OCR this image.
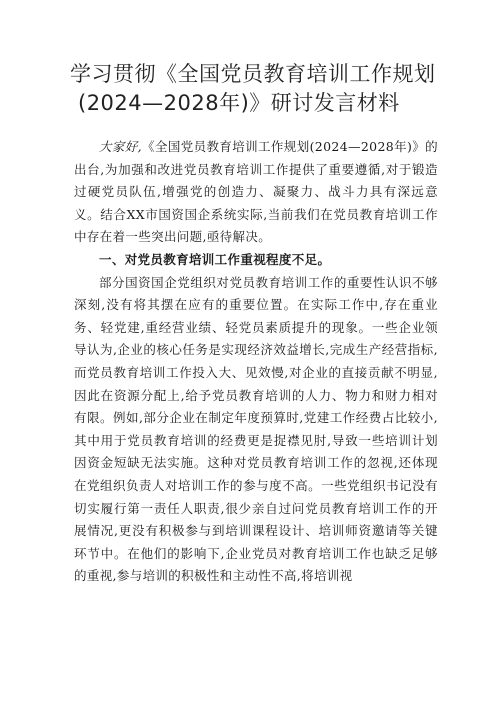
学习贯彻《全国党员教育培训工作规划
(2024—2028年)》研讨发言材料

大家好,《全国党员教育培训工作规划(2024—2028年)》的出台,为加强和改进党员教育培训工作提供了重要遵循,对于锻造过硬党员队伍,增强党的创造力、凝聚力、战斗力具有深远意义。结合XX市国资国企系统实际,当前我们在党员教育培训工作中存在着一些突出问题,亟待解决。

一、对党员教育培训工作重视程度不足。

部分国资国企党组织对党员教育培训工作的重要性认识不够深刻,没有将其摆在应有的重要位置。在实际工作中,存在重业务、轻党建,重经营业绩、轻党员素质提升的现象。一些企业领导认为,企业的核心任务是实现经济效益增长,完成生产经营指标,而党员教育培训工作投入大、见效慢,对企业的直接贡献不明显,因此在资源分配上,给予党员教育培训的人力、物力和财力相对有限。例如,部分企业在制定年度预算时,党建工作经费占比较小,其中用于党员教育培训的经费更是捉襟见肘,导致一些培训计划因资金短缺无法实施。这种对党员教育培训工作的忽视,还体现在党组织负责人对培训工作的参与度不高。一些党组织书记没有切实履行第一责任人职责,很少亲自过问党员教育培训工作的开展情况,更没有积极参与到培训课程设计、培训师资邀请等关键环节中。在他们的影响下,企业党员对教育培训工作也缺乏足够的重视,参与培训的积极性和主动性不高,将培训视
